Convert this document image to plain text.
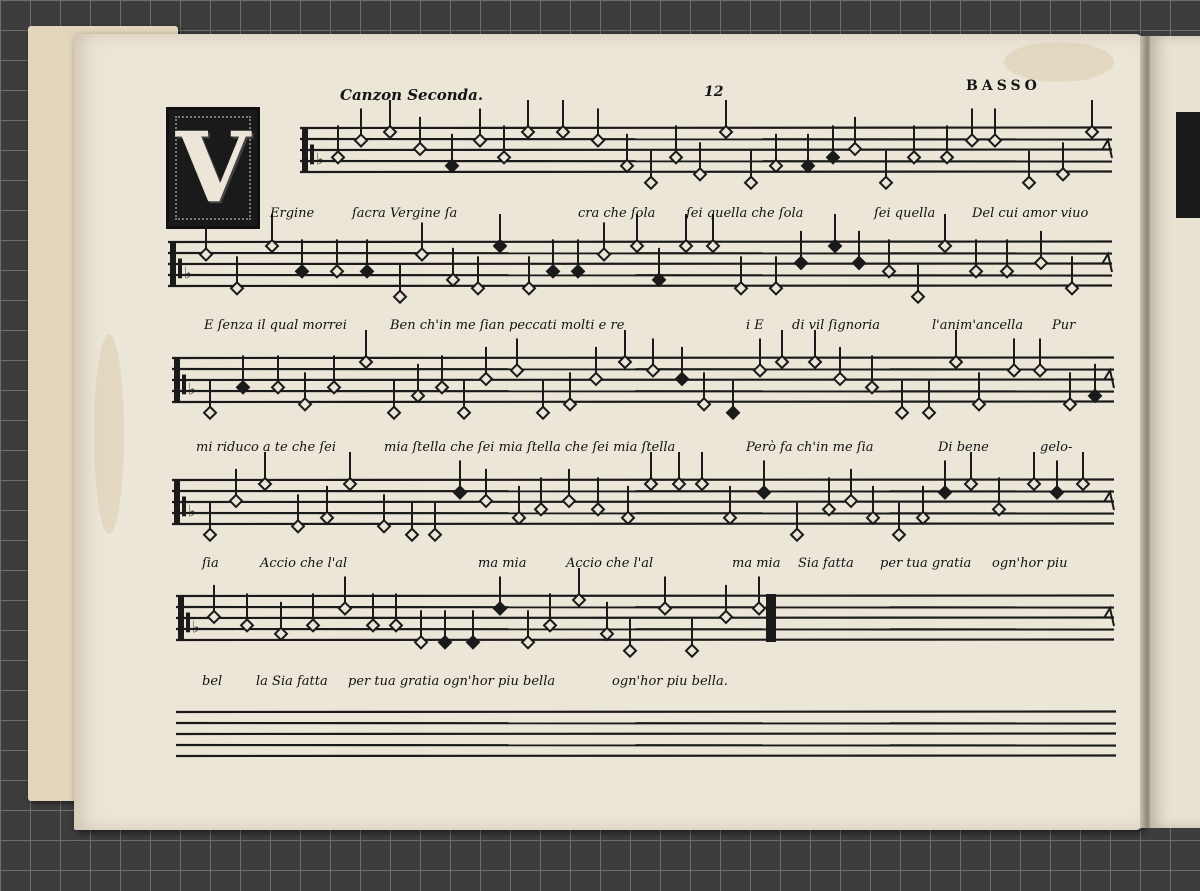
Canzon Seconda.	12	BASSO
V	♭
♭
♭
♭
♭
Ergine	ſacra Vergine ſa	cra che ſola ſei quella che ſola	ſei quella	Del cui amor viuo
E ſenza il qual morrei	Ben ch'in me ſian peccati molti e re	i E di vil ſignoria	l'anim'ancella Pur
mi riduco a te che ſei	mia ſtella che ſei mia ſtella che ſei mia ſtella	Però fa ch'in me ſia	Di bene	gelo-
ſia	Accio che l'al	ma mia	Accio che l'al	ma mia Sia fatta per tua gratia ogn'hor piu
bel	la Sia fatta per tua gratia ogn'hor piu bella	ogn'hor piu bella.
